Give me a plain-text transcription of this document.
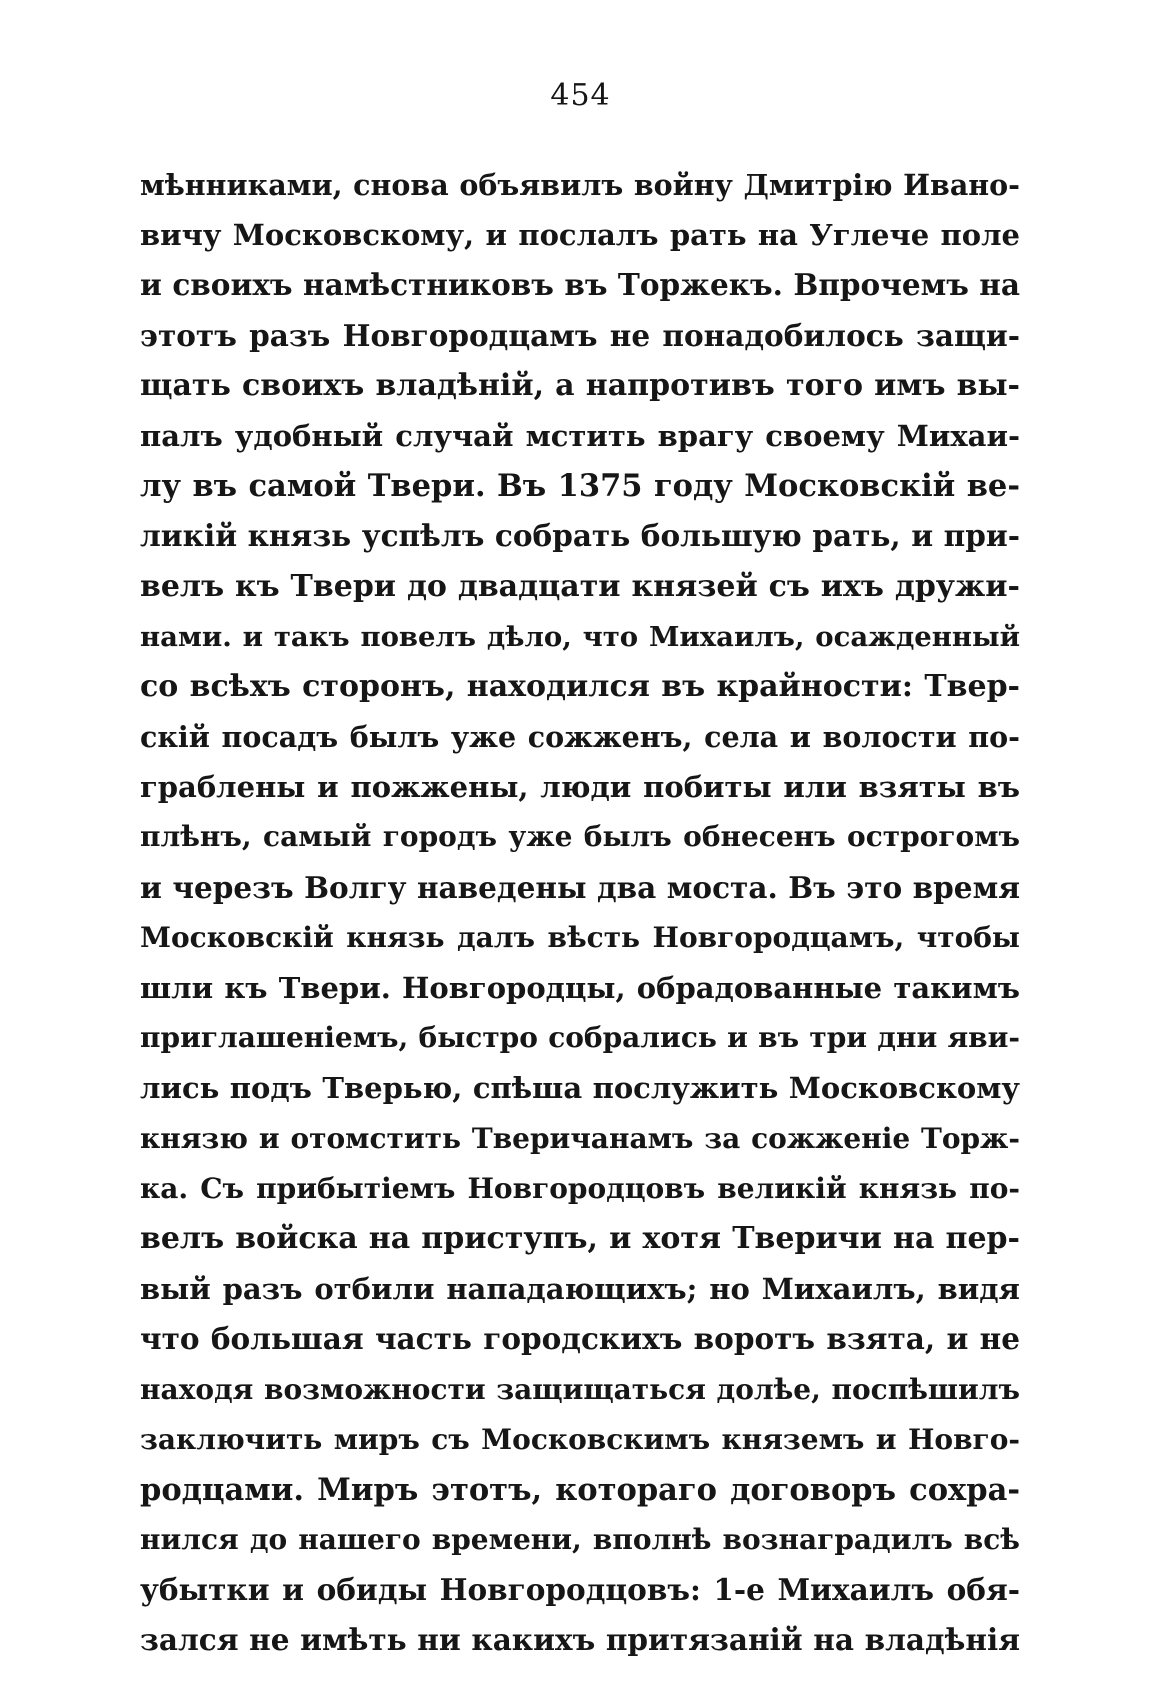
454
мѣнниками, снова объявилъ войну Дмитрію Ивано-
вичу Московскому, и послалъ рать на Углече поле
и своихъ намѣстниковъ въ Торжекъ. Впрочемъ на
этотъ разъ Новгородцамъ не понадобилось защи-
щать своихъ владѣній, а напротивъ того имъ вы-
палъ удобный случай мстить врагу своему Михаи-
лу въ самой Твери. Въ 1375 году Московскій ве-
ликій князь успѣлъ собрать большую рать, и при-
велъ къ Твери до двадцати князей съ ихъ дружи-
нами. и такъ повелъ дѣло, что Михаилъ, осажденный
со всѣхъ сторонъ, находился въ крайности: Твер-
скій посадъ былъ уже сожженъ, села и волости по-
граблены и пожжены, люди побиты или взяты въ
плѣнъ, самый городъ уже былъ обнесенъ острогомъ
и черезъ Волгу наведены два моста. Въ это время
Московскій князь далъ вѣсть Новгородцамъ, чтобы
шли къ Твери. Новгородцы, обрадованные такимъ
приглашеніемъ, быстро собрались и въ три дни яви-
лись подъ Тверью, спѣша послужить Московскому
князю и отомстить Тверичанамъ за сожженіе Торж-
ка. Съ прибытіемъ Новгородцовъ великій князь по-
велъ войска на приступъ, и хотя Тверичи на пер-
вый разъ отбили нападающихъ; но Михаилъ, видя
что большая часть городскихъ воротъ взята, и не
находя возможности защищаться долѣе, поспѣшилъ
заключить миръ съ Московскимъ княземъ и Новго-
родцами. Миръ этотъ, котораго договоръ сохра-
нился до нашего времени, вполнѣ вознаградилъ всѣ
убытки и обиды Новгородцовъ: 1-е Михаилъ обя-
зался не имѣть ни какихъ притязаній на владѣнія
